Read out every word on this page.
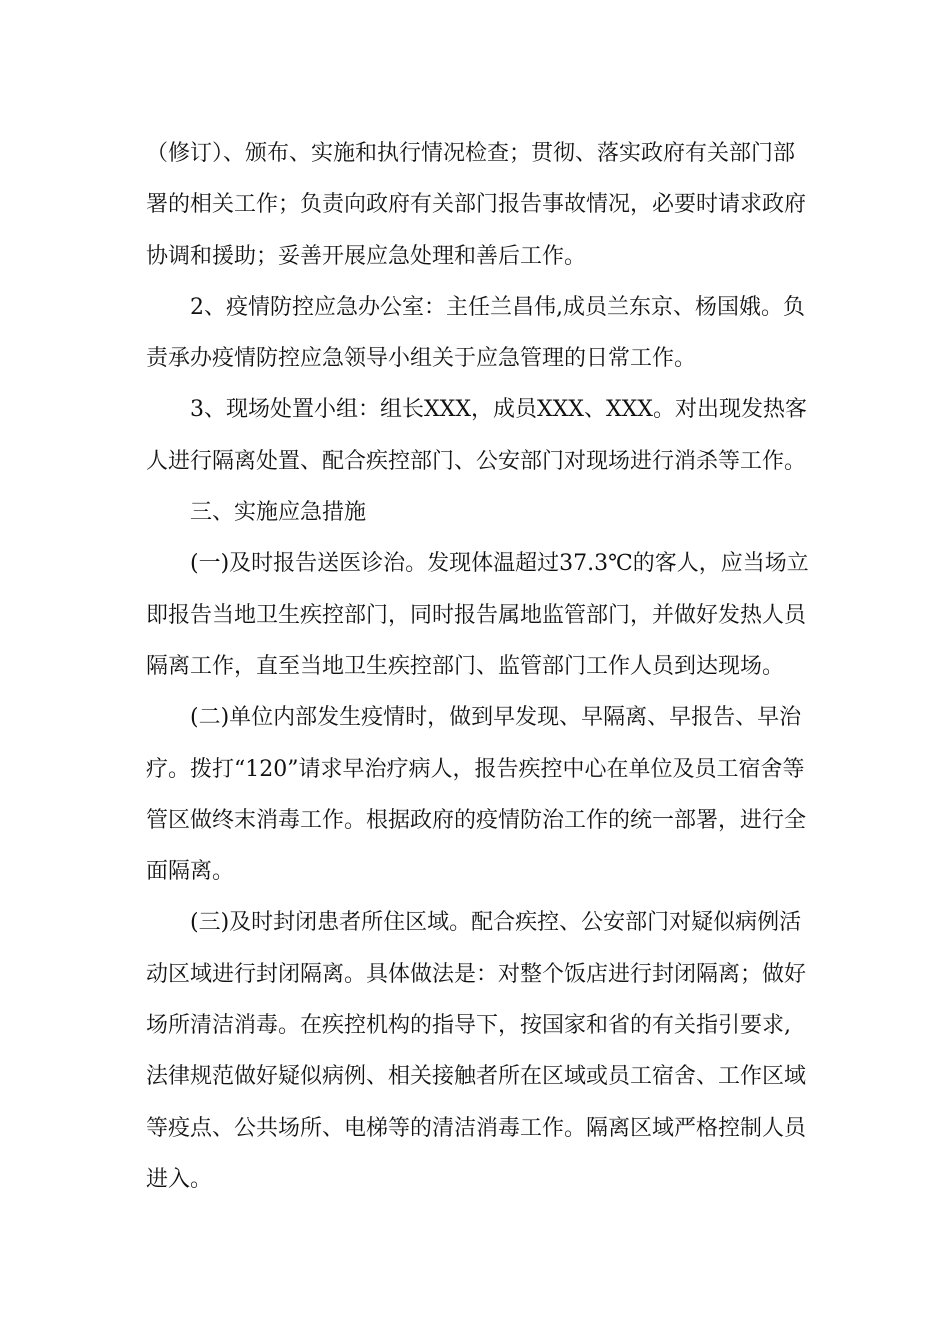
（修订）、颁布、实施和执行情况检查；贯彻、落实政府有关部门部署的相关工作；负责向政府有关部门报告事故情况，必要时请求政府协调和援助；妥善开展应急处理和善后工作。

2、疫情防控应急办公室：主任兰昌伟,成员兰东京、杨国娥。负责承办疫情防控应急领导小组关于应急管理的日常工作。

3、现场处置小组：组长XXX，成员XXX、XXX。对出现发热客人进行隔离处置、配合疾控部门、公安部门对现场进行消杀等工作。

三、实施应急措施

(一)及时报告送医诊治。发现体温超过37.3℃的客人，应当场立即报告当地卫生疾控部门，同时报告属地监管部门，并做好发热人员隔离工作，直至当地卫生疾控部门、监管部门工作人员到达现场。

(二)单位内部发生疫情时，做到早发现、早隔离、早报告、早治疗。拨打“120”请求早治疗病人，报告疾控中心在单位及员工宿舍等管区做终末消毒工作。根据政府的疫情防治工作的统一部署，进行全面隔离。

(三)及时封闭患者所住区域。配合疾控、公安部门对疑似病例活动区域进行封闭隔离。具体做法是：对整个饭店进行封闭隔离；做好场所清洁消毒。在疾控机构的指导下，按国家和省的有关指引要求,法律规范做好疑似病例、相关接触者所在区域或员工宿舍、工作区域等疫点、公共场所、电梯等的清洁消毒工作。隔离区域严格控制人员进入。
